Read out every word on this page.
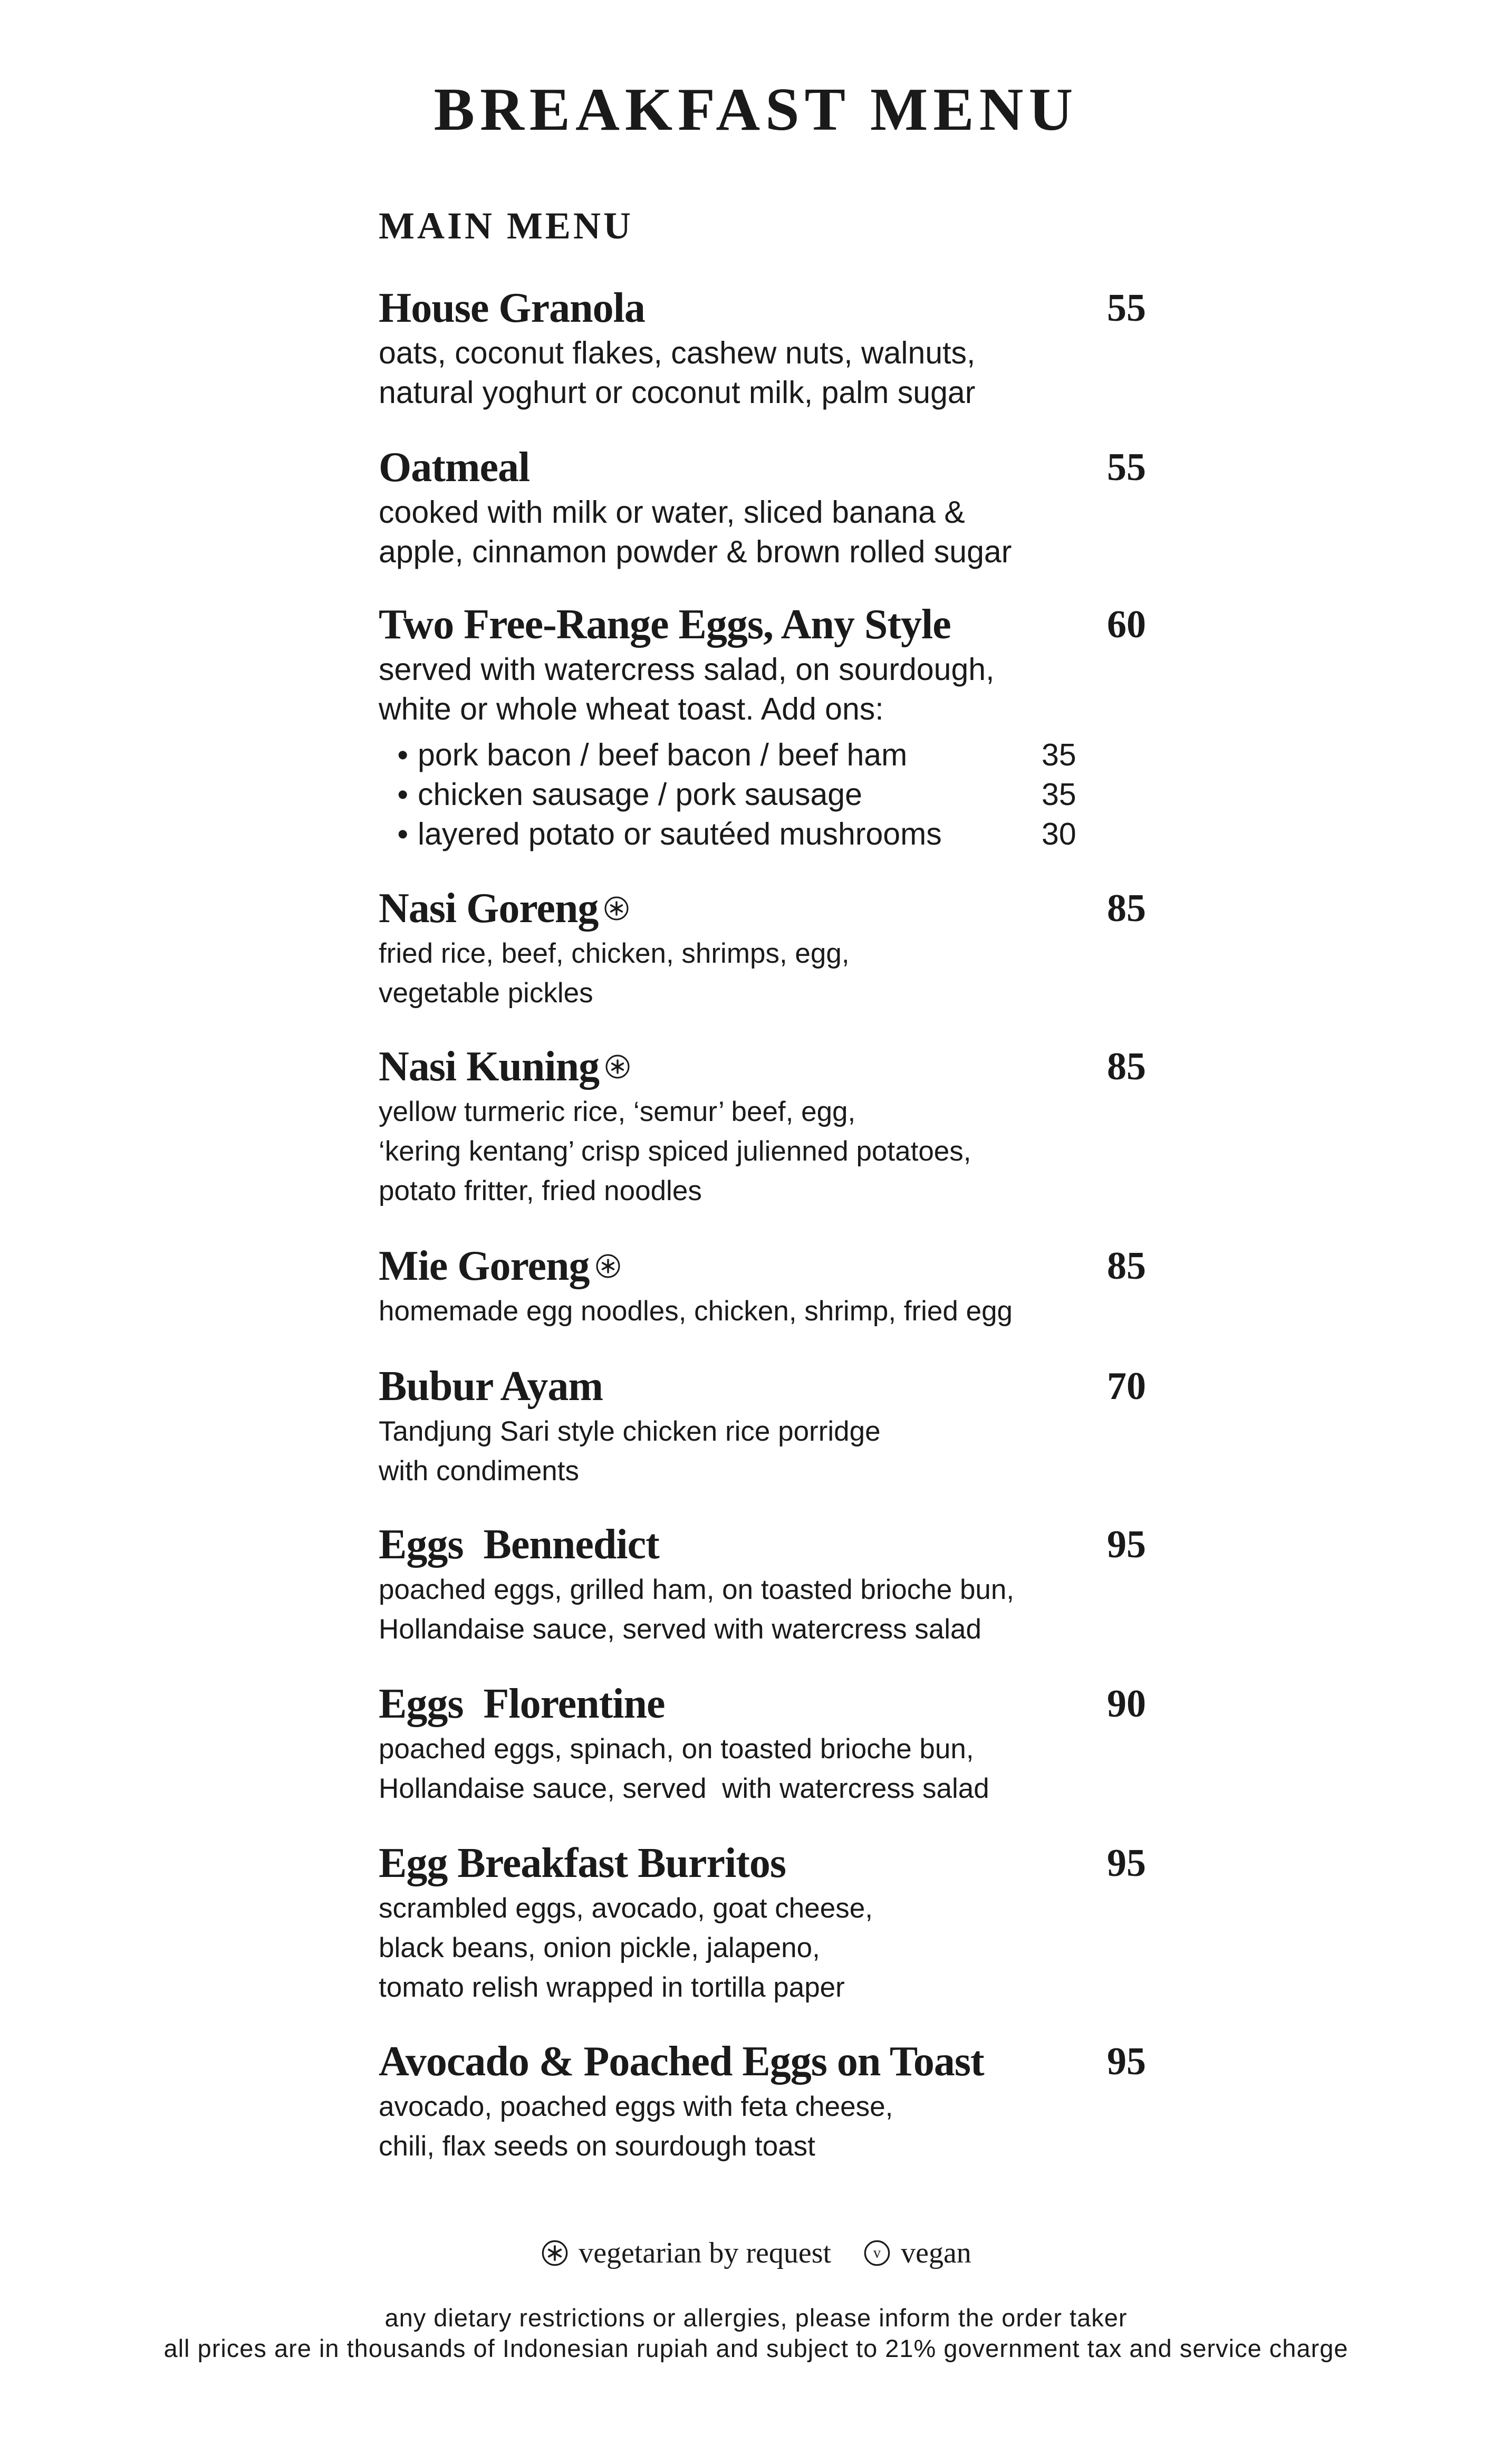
BREAKFAST MENU
MAIN MENU
House Granola	55
oats, coconut flakes, cashew nuts, walnuts,
natural yoghurt or coconut milk, palm sugar
Oatmeal	55
cooked with milk or water, sliced banana &
apple, cinnamon powder & brown rolled sugar
Two Free-Range Eggs, Any Style	60
served with watercress salad, on sourdough,
white or whole wheat toast. Add ons:
• pork bacon / beef bacon / beef ham	35
• chicken sausage / pork sausage	35
• layered potato or sautéed mushrooms	30
Nasi Goreng	85
fried rice, beef, chicken, shrimps, egg,
vegetable pickles
Nasi Kuning	85
yellow turmeric rice, ‘semur’ beef, egg,
‘kering kentang’ crisp spiced julienned potatoes,
potato fritter, fried noodles
Mie Goreng	85
homemade egg noodles, chicken, shrimp, fried egg
Bubur Ayam	70
Tandjung Sari style chicken rice porridge
with condiments
Eggs  Bennedict	95
poached eggs, grilled ham, on toasted brioche bun,
Hollandaise sauce, served with watercress salad
Eggs  Florentine	90
poached eggs, spinach, on toasted brioche bun,
Hollandaise sauce, served  with watercress salad
Egg Breakfast Burritos	95
scrambled eggs, avocado, goat cheese,
black beans, onion pickle, jalapeno,
tomato relish wrapped in tortilla paper
Avocado & Poached Eggs on Toast	95
avocado, poached eggs with feta cheese,
chili, flax seeds on sourdough toast
vegetarian by request	v vegan
any dietary restrictions or allergies, please inform the order taker
all prices are in thousands of Indonesian rupiah and subject to 21% government tax and service charge
